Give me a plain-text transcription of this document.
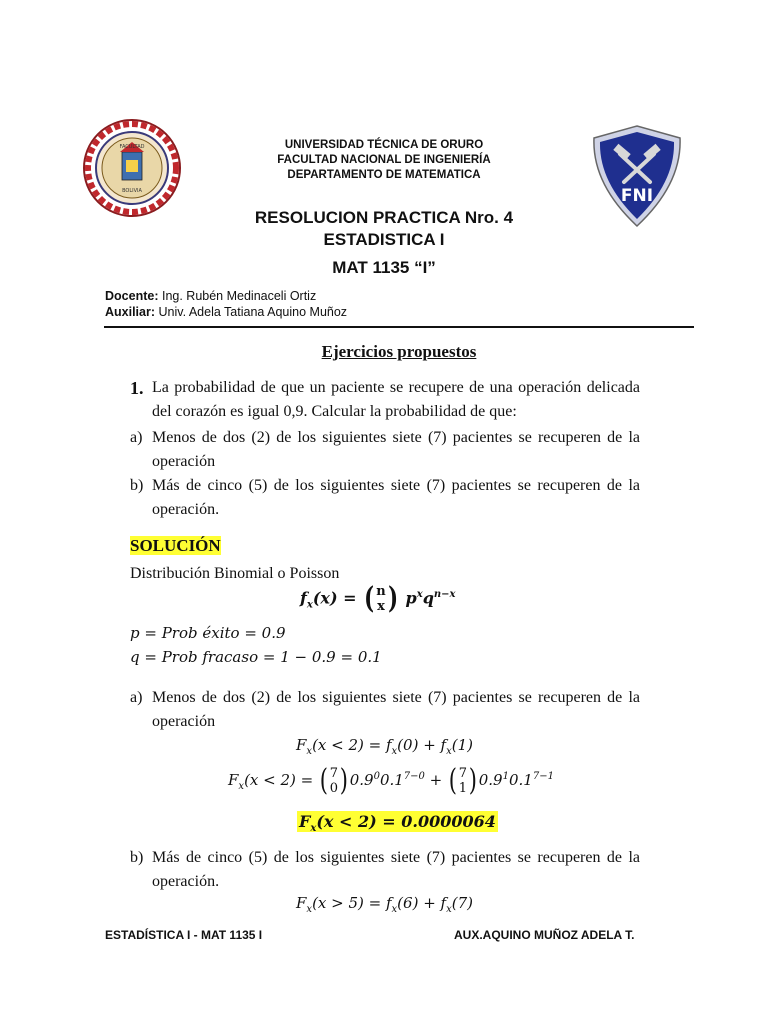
FACULTAD
BOLIVIA	FNI
UNIVERSIDAD TÉCNICA DE ORURO
FACULTAD NACIONAL DE INGENIERÍA
DEPARTAMENTO DE MATEMATICA
RESOLUCION PRACTICA Nro. 4
ESTADISTICA I
MAT 1135 “I”
Docente: Ing. Rubén Medinaceli Ortiz
Auxiliar: Univ. Adela Tatiana Aquino Muñoz
Ejercicios propuestos
1. La probabilidad de que un paciente se recupere de una operación delicada del corazón es igual 0,9. Calcular la probabilidad de que:
a) Menos de dos (2) de los siguientes siete (7) pacientes se recuperen de la operación
b) Más de cinco (5) de los siguientes siete (7) pacientes se recuperen de la operación.
SOLUCIÓN
Distribución Binomial o Poisson
$f_x(x)$ = ( n
x ) $p^xq^{n-x}$
p = Prob éxito = 0.9
q = Prob fracaso = 1 − 0.9 = 0.1
a) Menos de dos (2) de los siguientes siete (7) pacientes se recuperen de la operación
$F_x(x < 2) = f_x(0) + f_x(1)$
$F_x(x < 2)$ = ( 7
0 ) $0.9^00.1^{7-0}$ + ( 7
1 ) $0.9^10.1^{7-1}$
$F_x(x < 2) = 0.0000064$
b) Más de cinco (5) de los siguientes siete (7) pacientes se recuperen de la operación.
$F_x(x > 5) = f_x(6) + f_x(7)$
ESTADÍSTICA I - MAT 1135 I	AUX.AQUINO MUÑOZ ADELA T.
